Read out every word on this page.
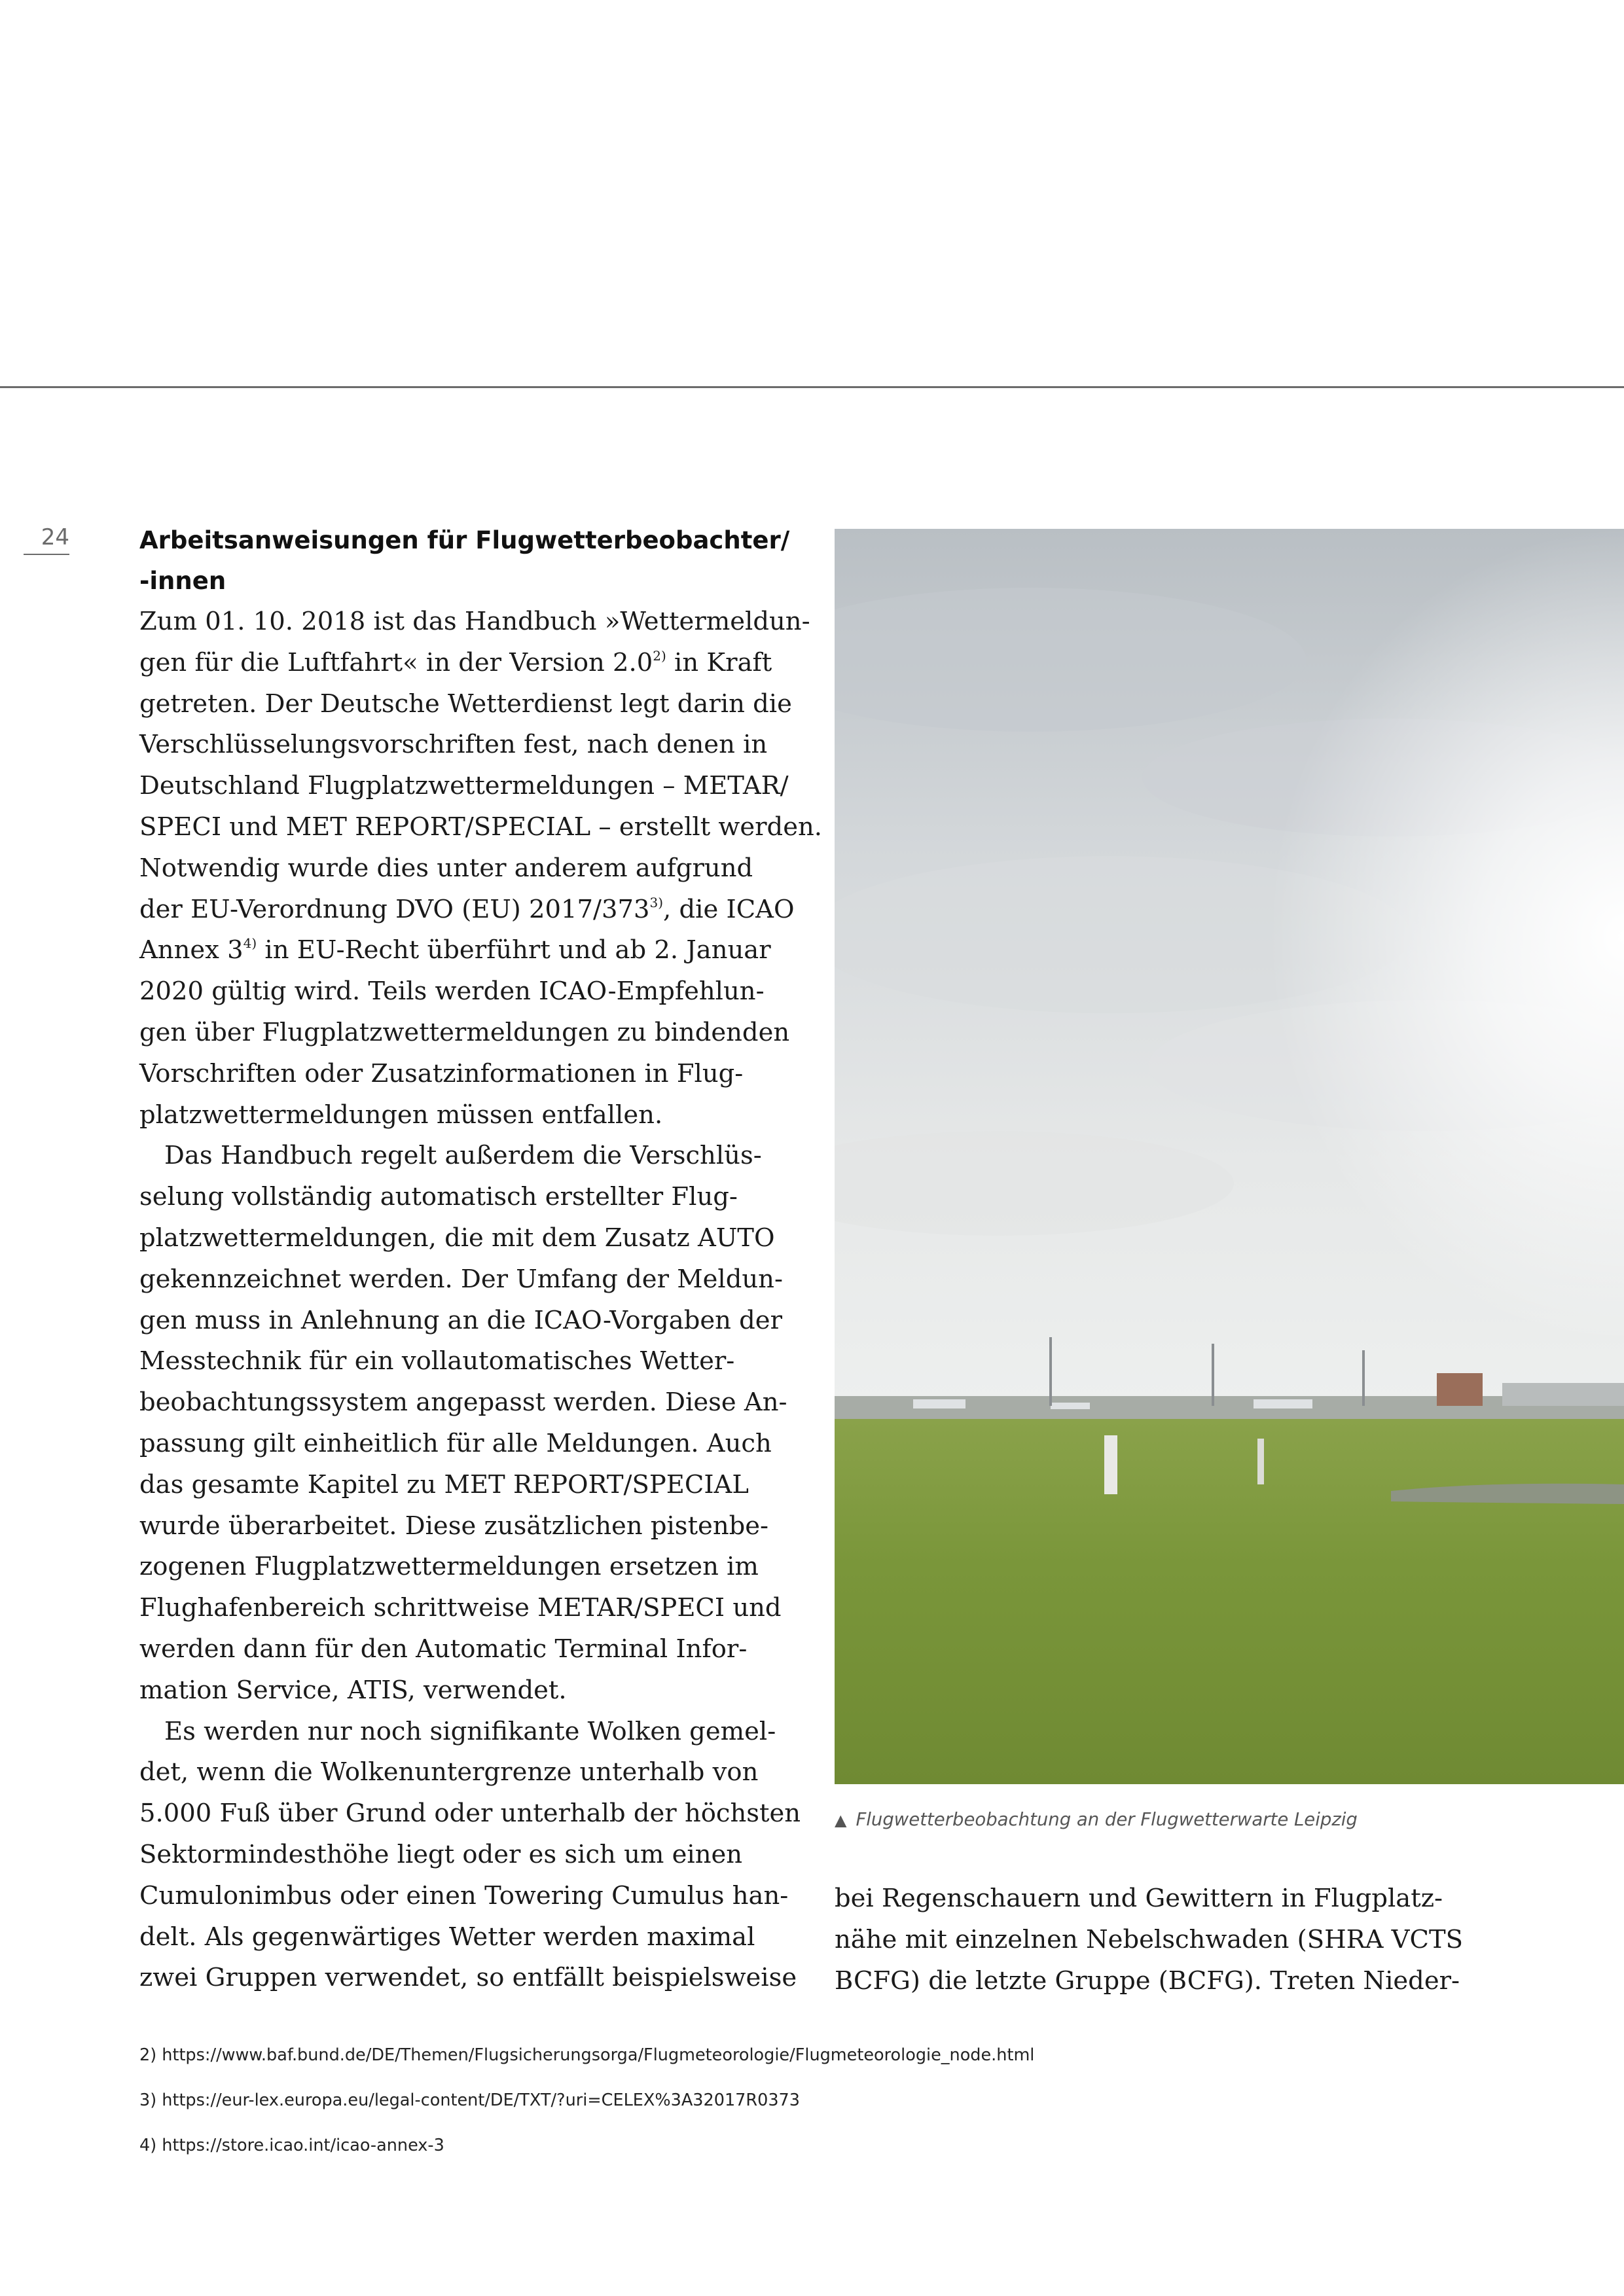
24	Arbeitsanweisungen für Flugwetterbeobachter/
-innen
Zum 01. 10. 2018 ist das Handbuch »Wettermeldun-
gen für die Luftfahrt« in der Version 2.0$^{2)}$ in Kraft
getreten. Der Deutsche Wetterdienst legt darin die
Verschlüsselungsvorschriften fest, nach denen in
Deutschland Flugplatzwettermeldungen – METAR/
SPECI und MET REPORT/SPECIAL – erstellt werden.
Notwendig wurde dies unter anderem aufgrund
der EU-Verordnung DVO (EU) 2017/373$^{3)}$, die ICAO
Annex 3$^{4)}$ in EU-Recht überführt und ab 2. Januar
2020 gültig wird. Teils werden ICAO-Empfehlun-
gen über Flugplatzwettermeldungen zu bindenden
Vorschriften oder Zusatzinformationen in Flug-
platzwettermeldungen müssen entfallen.
Das Handbuch regelt außerdem die Verschlüs-
selung vollständig automatisch erstellter Flug-
platzwettermeldungen, die mit dem Zusatz AUTO
gekennzeichnet werden. Der Umfang der Meldun-
gen muss in Anlehnung an die ICAO-Vorgaben der
Messtechnik für ein vollautomatisches Wetter-
beobachtungssystem angepasst werden. Diese An-
passung gilt einheitlich für alle Meldungen. Auch
das gesamte Kapitel zu MET REPORT/SPECIAL
wurde überarbeitet. Diese zusätzlichen pistenbe-
zogenen Flugplatzwettermeldungen ersetzen im
Flughafenbereich schrittweise METAR/SPECI und
werden dann für den Automatic Terminal Infor-
mation Service, ATIS, verwendet.
Es werden nur noch signifikante Wolken gemel-
det, wenn die Wolkenuntergrenze unterhalb von
5.000 Fuß über Grund oder unterhalb der höchsten
Sektormindesthöhe liegt oder es sich um einen
Cumulonimbus oder einen Towering Cumulus han-
delt. Als gegenwärtiges Wetter werden maximal
zwei Gruppen verwendet, so entfällt beispielsweise
▲ Flugwetterbeobachtung an der Flugwetterwarte Leipzig
bei Regenschauern und Gewittern in Flugplatz-
nähe mit einzelnen Nebelschwaden (SHRA VCTS
BCFG) die letzte Gruppe (BCFG). Treten Nieder-
2) https://www.baf.bund.de/DE/Themen/Flugsicherungsorga/Flugmeteorologie/Flugmeteorologie_node.html
3) https://eur-lex.europa.eu/legal-content/DE/TXT/?uri=CELEX%3A32017R0373
4) https://store.icao.int/icao-annex-3
